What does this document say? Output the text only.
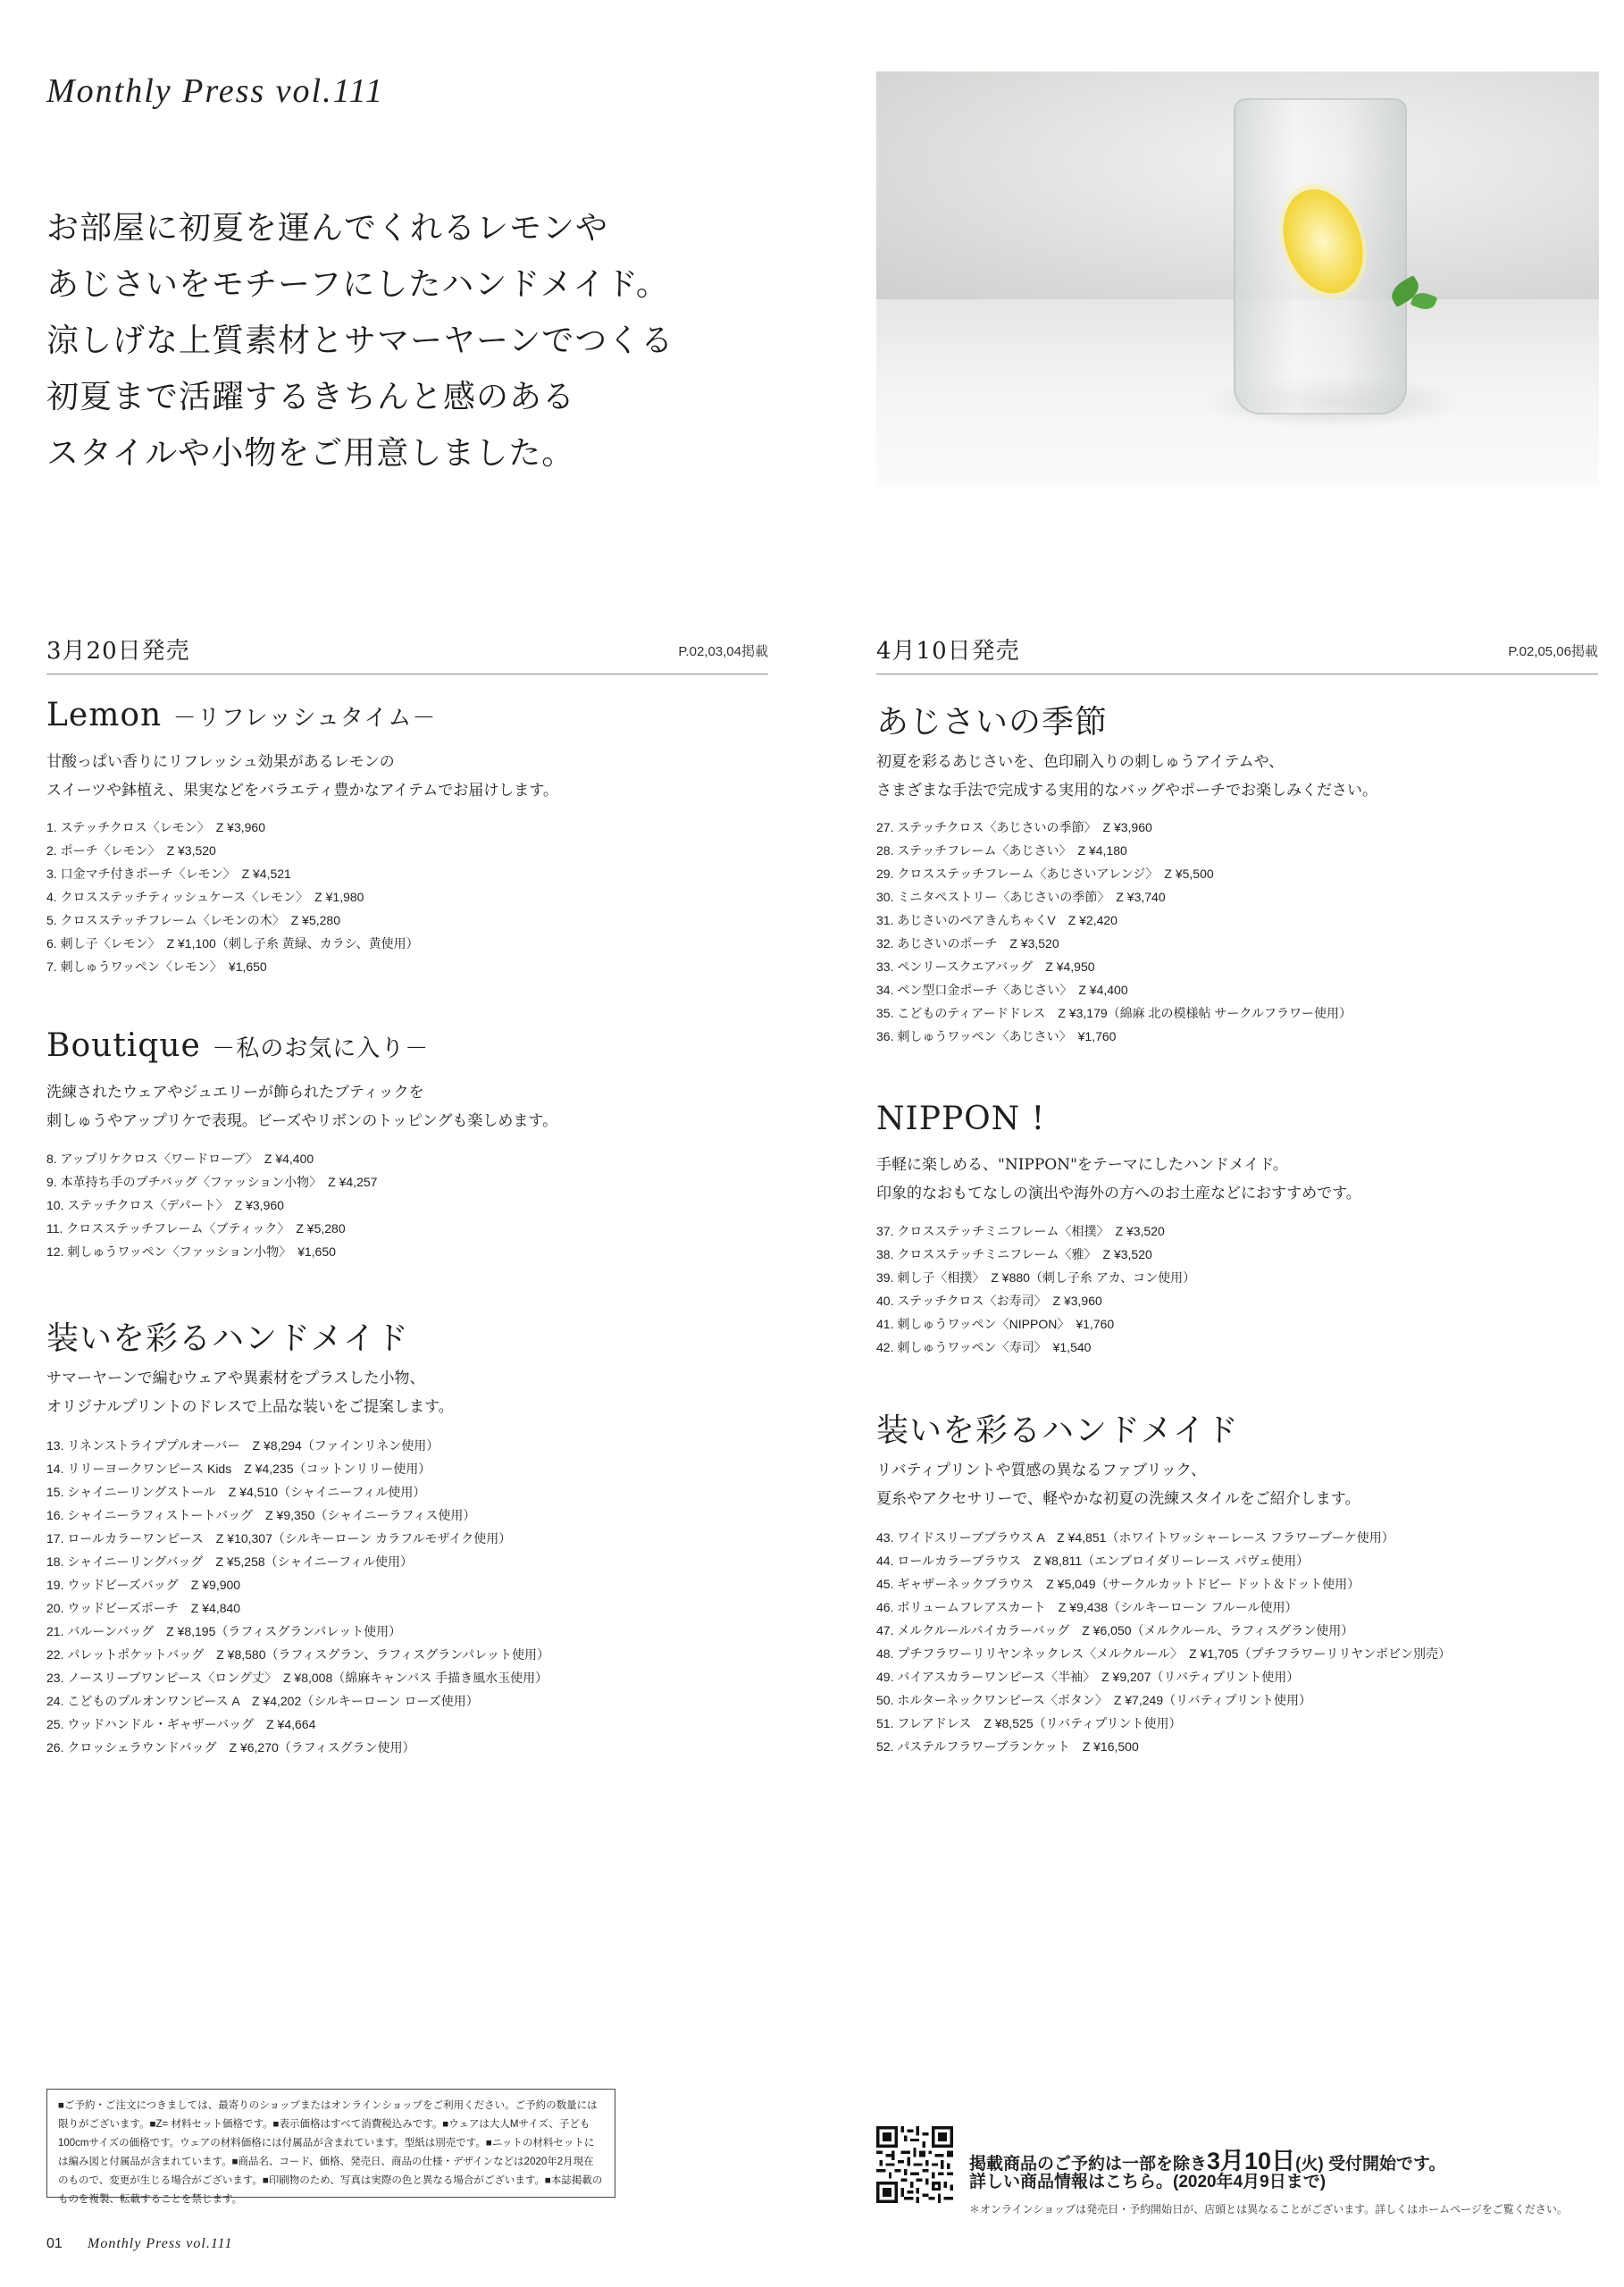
Monthly Press vol.111

お部屋に初夏を運んでくれるレモンや

あじさいをモチーフにしたハンドメイド。

涼しげな上質素材とサマーヤーンでつくる

初夏まで活躍するきちんと感のある

スタイルや小物をご用意しました。

3月20日発売	P.02,03,04掲載	4月10日発売	P.02,05,06掲載
Lemon －リフレッシュタイム－

甘酸っぱい香りにリフレッシュ効果があるレモンの

スイーツや鉢植え、果実などをバラエティ豊かなアイテムでお届けします。

1. ステッチクロス〈レモン〉　Z ¥3,960
2. ポーチ〈レモン〉　Z ¥3,520
3. 口金マチ付きポーチ〈レモン〉　Z ¥4,521
4. クロスステッチティッシュケース〈レモン〉　Z ¥1,980
5. クロスステッチフレーム〈レモンの木〉　Z ¥5,280
6. 刺し子〈レモン〉　Z ¥1,100（刺し子糸 黄緑、カラシ、黄使用）
7. 刺しゅうワッペン〈レモン〉　¥1,650
Boutique －私のお気に入り－

洗練されたウェアやジュエリーが飾られたブティックを

刺しゅうやアップリケで表現。ビーズやリボンのトッピングも楽しめます。

8. アップリケクロス〈ワードローブ〉　Z ¥4,400
9. 本革持ち手のプチバッグ〈ファッション小物〉　Z ¥4,257
10. ステッチクロス〈デパート〉　Z ¥3,960
11. クロスステッチフレーム〈ブティック〉　Z ¥5,280
12. 刺しゅうワッペン〈ファッション小物〉　¥1,650
装いを彩るハンドメイド

サマーヤーンで編むウェアや異素材をプラスした小物、

オリジナルプリントのドレスで上品な装いをご提案します。

13. リネンストライププルオーバー　Z ¥8,294（ファインリネン使用）
14. リリーヨークワンピース Kids　Z ¥4,235（コットンリリー使用）
15. シャイニーリングストール　Z ¥4,510（シャイニーフィル使用）
16. シャイニーラフィストートバッグ　Z ¥9,350（シャイニーラフィス使用）
17. ロールカラーワンピース　Z ¥10,307（シルキーローン カラフルモザイク使用）
18. シャイニーリングバッグ　Z ¥5,258（シャイニーフィル使用）
19. ウッドビーズバッグ　Z ¥9,900
20. ウッドビーズポーチ　Z ¥4,840
21. バルーンバッグ　Z ¥8,195（ラフィスグランパレット使用）
22. パレットポケットバッグ　Z ¥8,580（ラフィスグラン、ラフィスグランパレット使用）
23. ノースリーブワンピース〈ロング丈〉　Z ¥8,008（綿麻キャンバス 手描き風水玉使用）
24. こどものプルオンワンピース A　Z ¥4,202（シルキーローン ローズ使用）
25. ウッドハンドル・ギャザーバッグ　Z ¥4,664
26. クロッシェラウンドバッグ　Z ¥6,270（ラフィスグラン使用）
あじさいの季節

初夏を彩るあじさいを、色印刷入りの刺しゅうアイテムや、

さまざまな手法で完成する実用的なバッグやポーチでお楽しみください。

27. ステッチクロス〈あじさいの季節〉　Z ¥3,960
28. ステッチフレーム〈あじさい〉　Z ¥4,180
29. クロスステッチフレーム〈あじさいアレンジ〉　Z ¥5,500
30. ミニタペストリー〈あじさいの季節〉　Z ¥3,740
31. あじさいのペアきんちゃくV　Z ¥2,420
32. あじさいのポーチ　Z ¥3,520
33. ペンリースクエアバッグ　Z ¥4,950
34. ペン型口金ポーチ〈あじさい〉　Z ¥4,400
35. こどものティアードドレス　Z ¥3,179（綿麻 北の模様帖 サークルフラワー使用）
36. 刺しゅうワッペン〈あじさい〉　¥1,760
NIPPON !

手軽に楽しめる、"NIPPON"をテーマにしたハンドメイド。

印象的なおもてなしの演出や海外の方へのお土産などにおすすめです。

37. クロスステッチミニフレーム〈相撲〉　Z ¥3,520
38. クロスステッチミニフレーム〈雅〉　Z ¥3,520
39. 刺し子〈相撲〉　Z ¥880（刺し子糸 アカ、コン使用）
40. ステッチクロス〈お寿司〉　Z ¥3,960
41. 刺しゅうワッペン〈NIPPON〉　¥1,760
42. 刺しゅうワッペン〈寿司〉　¥1,540
装いを彩るハンドメイド

リバティプリントや質感の異なるファブリック、

夏糸やアクセサリーで、軽やかな初夏の洗練スタイルをご紹介します。

43. ワイドスリーブブラウス A　Z ¥4,851（ホワイトワッシャーレース フラワーブーケ使用）
44. ロールカラーブラウス　Z ¥8,811（エンブロイダリーレース パヴェ使用）
45. ギャザーネックブラウス　Z ¥5,049（サークルカットドビー ドット＆ドット使用）
46. ボリュームフレアスカート　Z ¥9,438（シルキーローン フルール使用）
47. メルクルールバイカラーバッグ　Z ¥6,050（メルクルール、ラフィスグラン使用）
48. プチフラワーリリヤンネックレス〈メルクルール〉　Z ¥1,705（プチフラワーリリヤンボビン別売）
49. バイアスカラーワンピース〈半袖〉　Z ¥9,207（リバティプリント使用）
50. ホルターネックワンピース〈ボタン〉　Z ¥7,249（リバティプリント使用）
51. フレアドレス　Z ¥8,525（リバティプリント使用）
52. パステルフラワーブランケット　Z ¥16,500
■ご予約・ご注文につきましては、最寄りのショップまたはオンラインショップをご利用ください。ご予約の数量には限りがございます。■Z= 材料セット価格です。■表示価格はすべて消費税込みです。■ウェアは大人Mサイズ、子ども100cmサイズの価格です。ウェアの材料価格には付属品が含まれています。型紙は別売です。■ニットの材料セットには編み図と付属品が含まれています。■商品名、コード、価格、発売日、商品の仕様・デザインなどは2020年2月現在のもので、変更が生じる場合がございます。■印刷物のため、写真は実際の色と異なる場合がございます。■本誌掲載のものを複製、転載することを禁じます。
掲載商品のご予約は一部を除き3月10日(火) 受付開始です。
詳しい商品情報はこちら。(2020年4月9日まで)
＊オンラインショップは発売日・予約開始日が、店頭とは異なることがございます。詳しくはホームページをご覧ください。
01 Monthly Press vol.111
